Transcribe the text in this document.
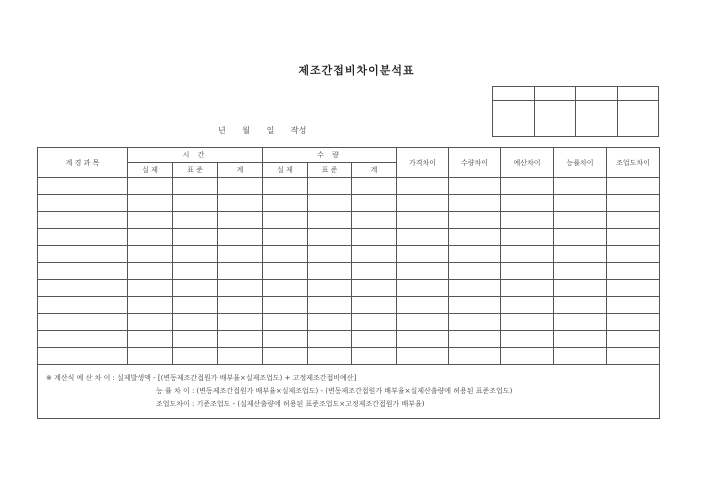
제조간접비차이분석표

년 월 일 작성
계 경 과 목	시 간			수 량			가격차이	수량차이	예산차이	능률차이	조업도차이
	실 제	표 준	계	실 제	표 준	계					

※ 계산식 예 산 차 이 : 실제발생액 - [(변동제조간접원가 배부율×실제조업도) + 고정제조간접비예산]
능 률 차 이 : (변동제조간접원가 배부율×실제조업도) - (변동제조간접원가 배부율×실제산출량에 허용된 표준조업도)
조업도차이 : 기준조업도 - (실제산출량에 허용된 표준조업도×고정제조간접원가 배부율)											
